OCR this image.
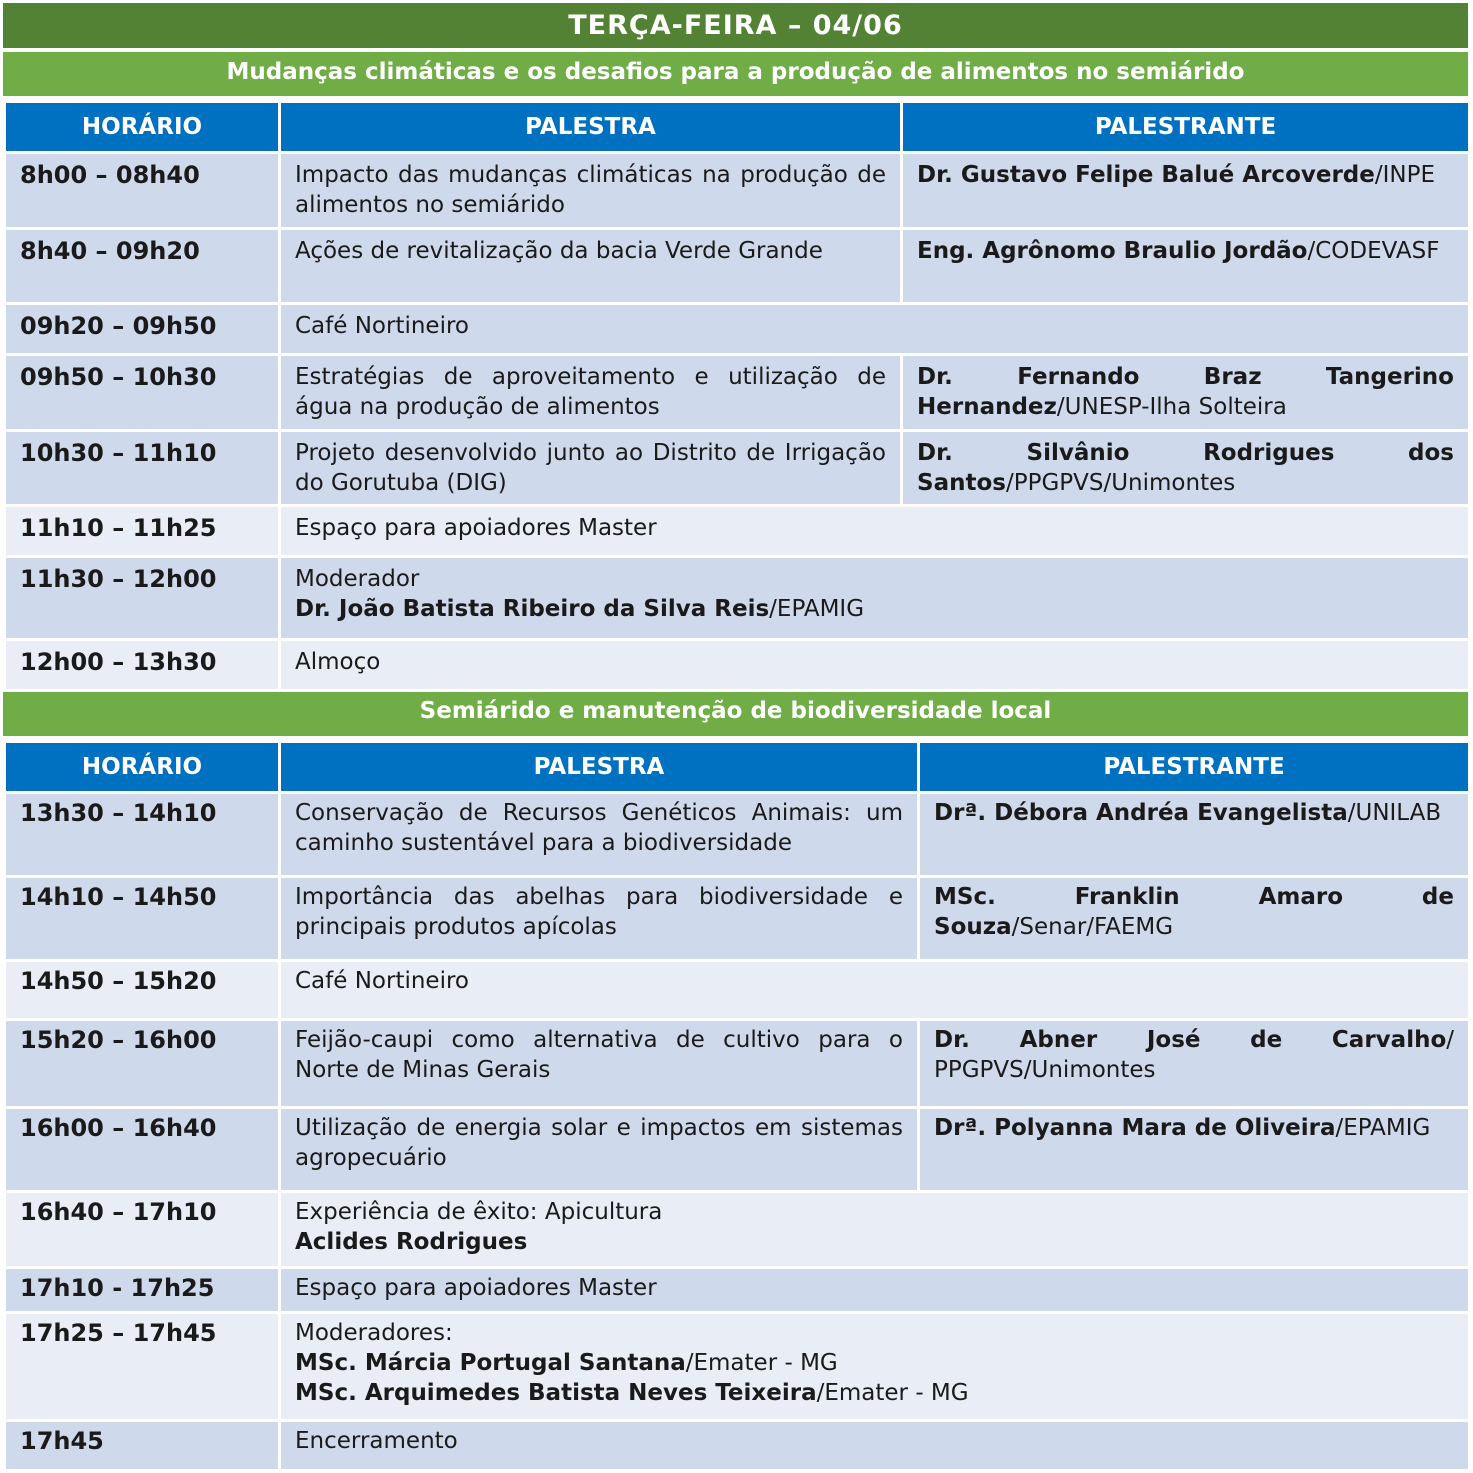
TERÇA-FEIRA – 04/06
Mudanças climáticas e os desafios para a produção de alimentos no semiárido
HORÁRIO	PALESTRA	PALESTRANTE
8h00 – 08h40	Impacto das mudanças climáticas na produção de alimentos no semiárido	Dr. Gustavo Felipe Balué Arcoverde/INPE
8h40 – 09h20	Ações de revitalização da bacia Verde Grande	Eng. Agrônomo Braulio Jordão/CODEVASF
09h20 – 09h50	Café Nortineiro	

09h50 – 10h30	Estratégias de aproveitamento e utilização de água na produção de alimentos	Dr. Fernando Braz Tangerino Hernandez/UNESP-Ilha Solteira
10h30 – 11h10	Projeto desenvolvido junto ao Distrito de Irrigação do Gorutuba (DIG)	Dr. Silvânio Rodrigues dos Santos/PPGPVS/Unimontes
11h10 – 11h25	Espaço para apoiadores Master	

11h30 – 12h00	Moderador
Dr. João Batista Ribeiro da Silva Reis/EPAMIG	

12h00 – 13h30	Almoço	
Semiárido e manutenção de biodiversidade local
HORÁRIO	PALESTRA	PALESTRANTE
13h30 – 14h10	Conservação de Recursos Genéticos Animais: um caminho sustentável para a biodiversidade	Drª. Débora Andréa Evangelista/UNILAB
14h10 – 14h50	Importância das abelhas para biodiversidade e principais produtos apícolas	MSc. Franklin Amaro de Souza/Senar/FAEMG
14h50 – 15h20	Café Nortineiro	

15h20 – 16h00	Feijão-caupi como alternativa de cultivo para o Norte de Minas Gerais	Dr. Abner José de Carvalho/ PPGPVS/Unimontes
16h00 – 16h40	Utilização de energia solar e impactos em sistemas agropecuário	Drª. Polyanna Mara de Oliveira/EPAMIG
16h40 – 17h10	Experiência de êxito: Apicultura
Aclides Rodrigues	

17h10 - 17h25	Espaço para apoiadores Master	

17h25 – 17h45	Moderadores:
MSc. Márcia Portugal Santana/Emater - MG
MSc. Arquimedes Batista Neves Teixeira/Emater - MG	

17h45	Encerramento	
